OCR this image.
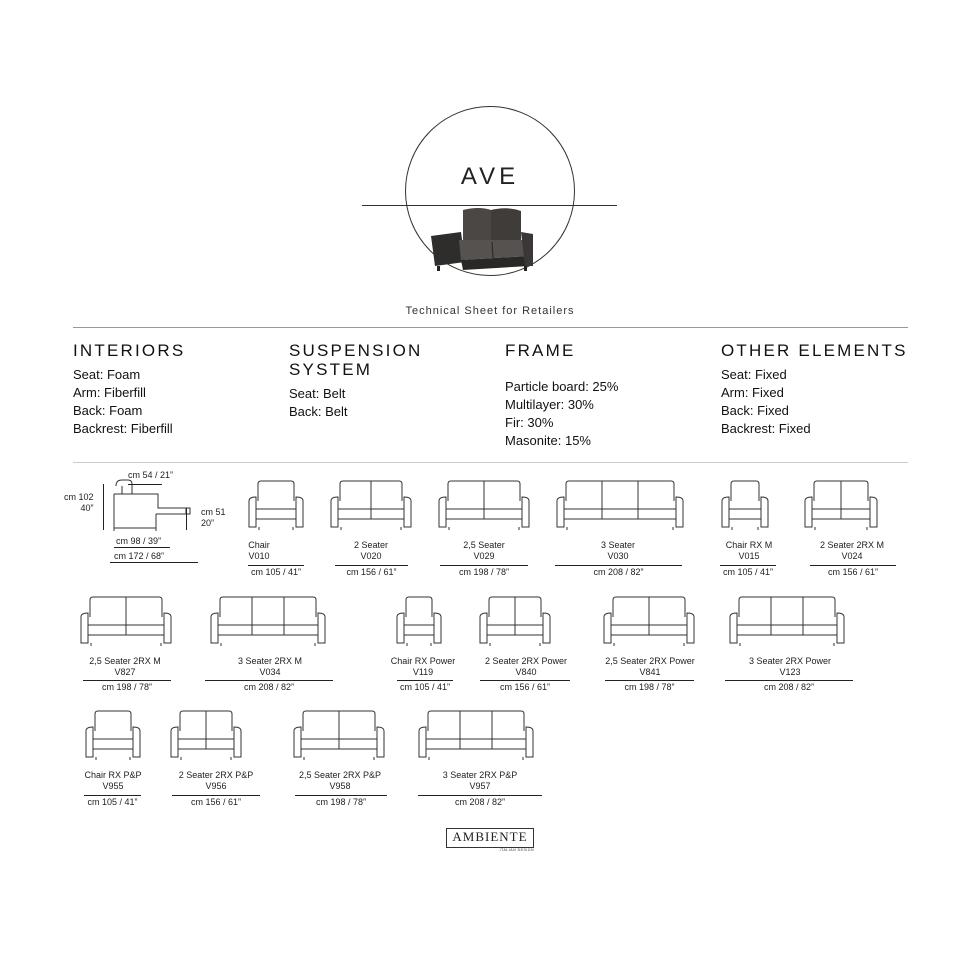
AVE
Technical Sheet for Retailers
INTERIORS
Seat: Foam
Arm: Fiberfill
Back: Foam
Backrest: Fiberfill
SUSPENSION SYSTEM
Seat: Belt
Back: Belt
FRAME
Particle board: 25%
Multilayer: 30%
Fir: 30%
Masonite: 15%
OTHER ELEMENTS
Seat: Fixed
Arm: Fixed
Back: Fixed
Backrest: Fixed
cm 54 / 21”
cm 102
40”	cm 51
20”
cm 98 / 39”
cm 172 / 68”
Chair
V010
cm 105 / 41”
2 Seater
V020
cm 156 / 61”
2,5 Seater
V029
cm 198 / 78”
3 Seater
V030
cm 208 / 82”
Chair RX M
V015
cm 105 / 41”
2 Seater 2RX M
V024
cm 156 / 61”
2,5 Seater 2RX M
V827
cm 198 / 78”
3 Seater 2RX M
V034
cm 208 / 82”
Chair RX Power
V119
cm 105 / 41”
2 Seater 2RX Power
V840
cm 156 / 61”
2,5 Seater 2RX Power
V841
cm 198 / 78”
3 Seater 2RX Power
V123
cm 208 / 82”
Chair RX P&P
V955
cm 105 / 41”
2 Seater 2RX P&P
V956
cm 156 / 61”
2,5 Seater 2RX P&P
V958
cm 198 / 78”
3 Seater 2RX P&P
V957
cm 208 / 82”
AMBIENTE
ITALIAN DESIGN
